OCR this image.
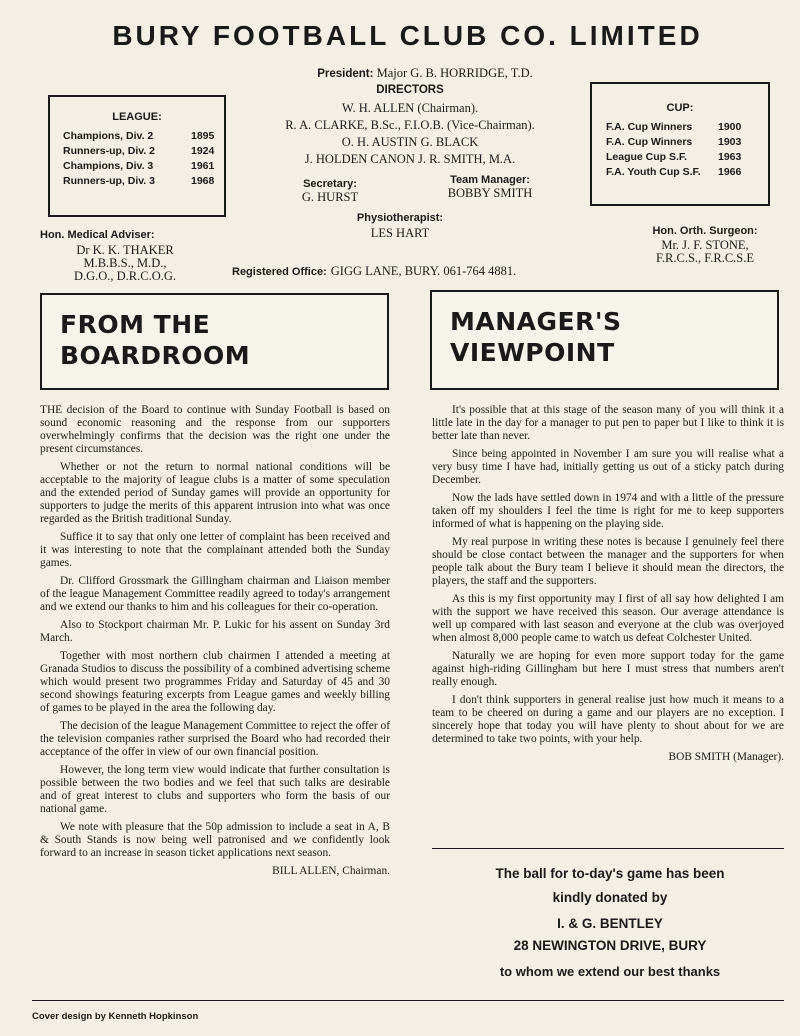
BURY FOOTBALL CLUB CO. LIMITED
President: Major G. B. HORRIDGE, T.D.
DIRECTORS
W. H. ALLEN (Chairman).
R. A. CLARKE, B.Sc., F.I.O.B. (Vice-Chairman).
O. H. AUSTIN G. BLACK
J. HOLDEN CANON J. R. SMITH, M.A.
LEAGUE:
Champions, Div. 2	1895
Runners-up, Div. 2	1924
Champions, Div. 3	1961
Runners-up, Div. 3	1968
CUP:
F.A. Cup Winners 1900
F.A. Cup Winners 1903
League Cup S.F.	1963
F.A. Youth Cup S.F. 1966
Secretary:
G. HURST
Team Manager:
BOBBY SMITH
Physiotherapist:
LES HART
Hon. Medical Adviser:
Dr K. K. THAKER
M.B.B.S., M.D.,
D.G.O., D.R.C.O.G.
Hon. Orth. Surgeon:
Mr. J. F. STONE,
F.R.C.S., F.R.C.S.E
Registered Office: GIGG LANE, BURY. 061-764 4881.
FROM THE
BOARDROOM
MANAGER'S
VIEWPOINT

THE decision of the Board to continue with Sunday Football is based on sound economic reasoning and the response from our supporters overwhelmingly confirms that the decision was the right one under the present circumstances.

Whether or not the return to normal national conditions will be acceptable to the majority of league clubs is a matter of some speculation and the extended period of Sunday games will provide an opportunity for supporters to judge the merits of this apparent intrusion into what was once regarded as the British traditional Sunday.

Suffice it to say that only one letter of complaint has been received and it was interesting to note that the complainant attended both the Sunday games.

Dr. Clifford Grossmark the Gillingham chairman and Liaison member of the league Management Committee readily agreed to today's arrangement and we extend our thanks to him and his colleagues for their co-operation.

Also to Stockport chairman Mr. P. Lukic for his assent on Sunday 3rd March.

Together with most northern club chairmen I attended a meeting at Granada Studios to discuss the possibility of a combined advertising scheme which would present two programmes Friday and Saturday of 45 and 30 second showings featuring excerpts from League games and weekly billing of games to be played in the area the following day.

The decision of the league Management Committee to reject the offer of the television companies rather surprised the Board who had recorded their acceptance of the offer in view of our own financial position.

However, the long term view would indicate that further consultation is possible between the two bodies and we feel that such talks are desirable and of great interest to clubs and supporters who form the basis of our national game.

We note with pleasure that the 50p admission to include a seat in A, B & South Stands is now being well patronised and we confidently look forward to an increase in season ticket applications next season.

BILL ALLEN, Chairman.

It's possible that at this stage of the season many of you will think it a little late in the day for a manager to put pen to paper but I like to think it is better late than never.

Since being appointed in November I am sure you will realise what a very busy time I have had, initially getting us out of a sticky patch during December.

Now the lads have settled down in 1974 and with a little of the pressure taken off my shoulders I feel the time is right for me to keep supporters informed of what is happening on the playing side.

My real purpose in writing these notes is because I genuinely feel there should be close contact between the manager and the supporters for when people talk about the Bury team I believe it should mean the directors, the players, the staff and the supporters.

As this is my first opportunity may I first of all say how delighted I am with the support we have received this season. Our average attendance is well up compared with last season and everyone at the club was overjoyed when almost 8,000 people came to watch us defeat Colchester United.

Naturally we are hoping for even more support today for the game against high-riding Gillingham but here I must stress that numbers aren't really enough.

I don't think supporters in general realise just how much it means to a team to be cheered on during a game and our players are no exception. I sincerely hope that today you will have plenty to shout about for we are determined to take two points, with your help.

BOB SMITH (Manager).
The ball for to-day's game has been
kindly donated by
I. & G. BENTLEY
28 NEWINGTON DRIVE, BURY
to whom we extend our best thanks
Cover design by Kenneth Hopkinson
